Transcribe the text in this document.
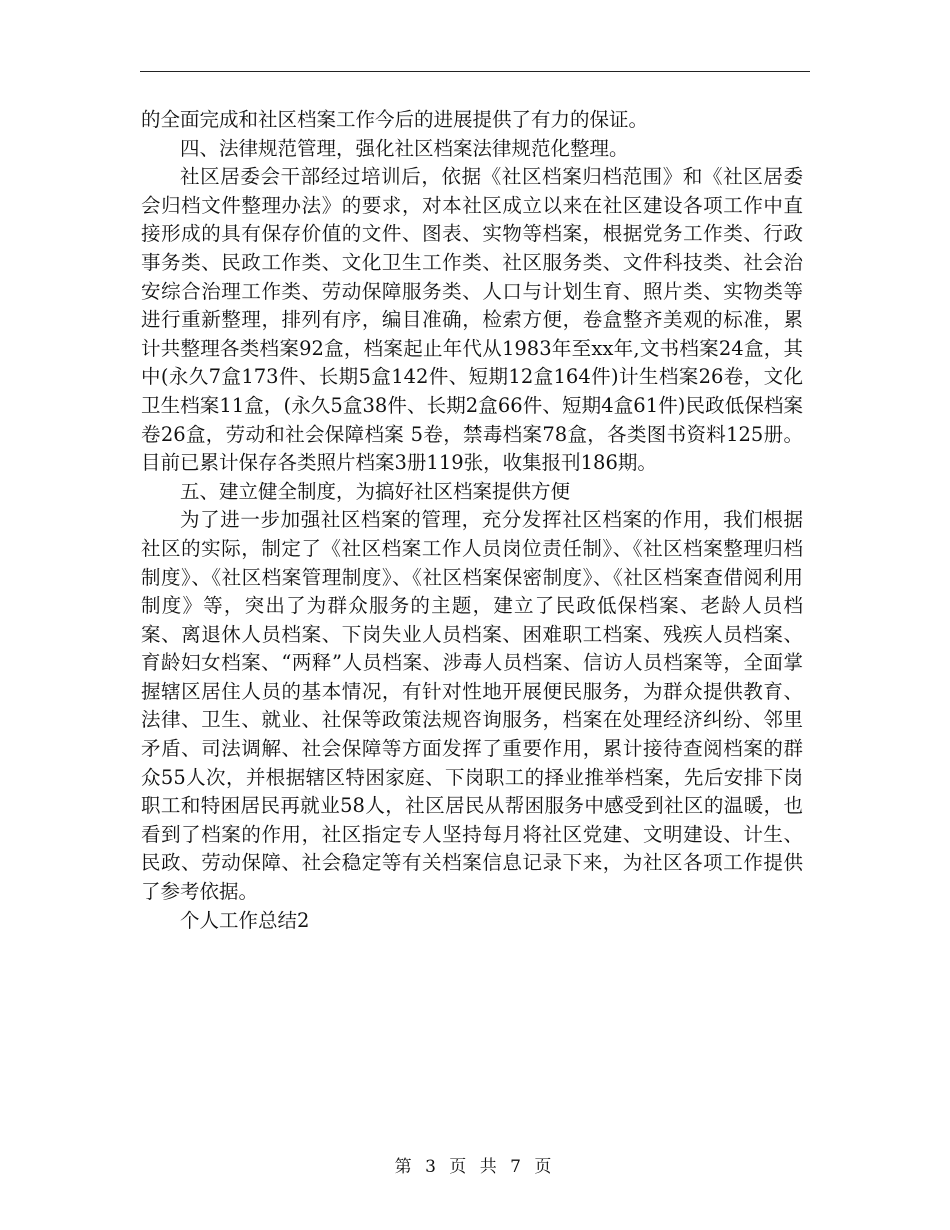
的全面完成和社区档案工作今后的进展提供了有力的保证。

四、法律规范管理，强化社区档案法律规范化整理。

社区居委会干部经过培训后，依据《社区档案归档范围》和《社区居委会归档文件整理办法》的要求，对本社区成立以来在社区建设各项工作中直接形成的具有保存价值的文件、图表、实物等档案，根据党务工作类、行政事务类、民政工作类、文化卫生工作类、社区服务类、文件科技类、社会治安综合治理工作类、劳动保障服务类、人口与计划生育、照片类、实物类等进行重新整理，排列有序，编目准确，检索方便，卷盒整齐美观的标准，累计共整理各类档案92盒，档案起止年代从1983年至xx年,文书档案24盒，其中(永久7盒173件、长期5盒142件、短期12盒164件)计生档案26卷，文化卫生档案11盒，(永久5盒38件、长期2盒66件、短期4盒61件)民政低保档案卷26盒，劳动和社会保障档案 5卷，禁毒档案78盒，各类图书资料125册。目前已累计保存各类照片档案3册119张，收集报刊186期。

五、建立健全制度，为搞好社区档案提供方便

为了进一步加强社区档案的管理，充分发挥社区档案的作用，我们根据社区的实际，制定了《社区档案工作人员岗位责任制》、《社区档案整理归档制度》、《社区档案管理制度》、《社区档案保密制度》、《社区档案查借阅利用制度》等，突出了为群众服务的主题，建立了民政低保档案、老龄人员档案、离退休人员档案、下岗失业人员档案、困难职工档案、残疾人员档案、育龄妇女档案、“两释”人员档案、涉毒人员档案、信访人员档案等，全面掌握辖区居住人员的基本情况，有针对性地开展便民服务，为群众提供教育、法律、卫生、就业、社保等政策法规咨询服务，档案在处理经济纠纷、邻里矛盾、司法调解、社会保障等方面发挥了重要作用，累计接待查阅档案的群众55人次，并根据辖区特困家庭、下岗职工的择业推举档案，先后安排下岗职工和特困居民再就业58人，社区居民从帮困服务中感受到社区的温暖，也看到了档案的作用，社区指定专人坚持每月将社区党建、文明建设、计生、民政、劳动保障、社会稳定等有关档案信息记录下来，为社区各项工作提供了参考依据。

个人工作总结2

第 3 页 共 7 页
